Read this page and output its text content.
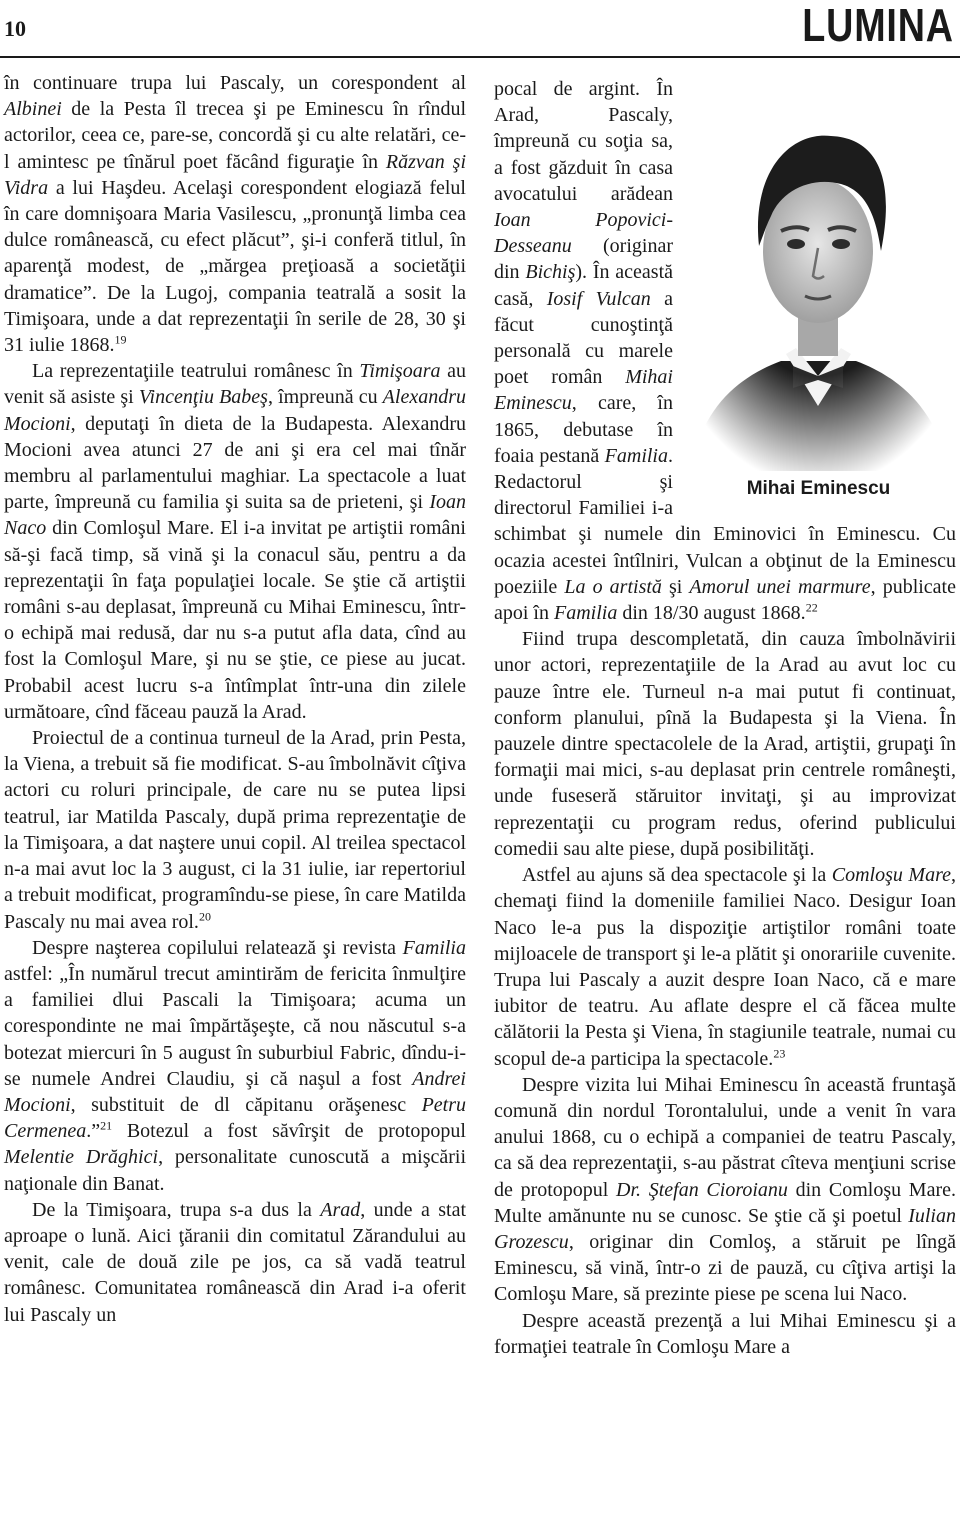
10	LUMINA

în continuare trupa lui Pascaly, un corespondent al Albinei de la Pesta îl trecea şi pe Eminescu în rîndul actorilor, ceea ce, pare-se, concordă şi cu alte relatări, ce-l amintesc pe tînărul poet făcând figuraţie în Răzvan şi Vidra a lui Haşdeu. Acelaşi corespondent elogiază felul în care domnişoara Maria Vasilescu, „pronunţă limba cea dulce românească, cu efect plăcut”, şi-i conferă titlul, în aparenţă modest, de „mărgea preţioasă a societăţii dramatice”. De la Lugoj, compania teatrală a sosit la Timişoara, unde a dat reprezentaţii în serile de 28, 30 şi 31 iulie 1868.19

La reprezentaţiile teatrului românesc în Timişoara au venit să asiste şi Vincenţiu Babeş, împreună cu Alexandru Mocioni, deputaţi în dieta de la Budapesta. Alexandru Mocioni avea atunci 27 de ani şi era cel mai tînăr membru al parlamentului maghiar. La spectacole a luat parte, împreună cu familia şi suita sa de prieteni, şi Ioan Naco din Comloşul Mare. El i-a invitat pe artiştii români să-şi facă timp, să vină şi la conacul său, pentru a da reprezentaţii în faţa populaţiei locale. Se ştie că artiştii români s-au deplasat, împreună cu Mihai Eminescu, într-o echipă mai redusă, dar nu s-a putut afla data, cînd au fost la Comloşul Mare, şi nu se ştie, ce piese au jucat. Probabil acest lucru s-a întîmplat într-una din zilele următoare, cînd făceau pauză la Arad.

Proiectul de a continua turneul de la Arad, prin Pesta, la Viena, a trebuit să fie modificat. S-au îmbolnăvit cîţiva actori cu roluri principale, de care nu se putea lipsi teatrul, iar Matilda Pascaly, după prima reprezentaţie de la Timişoara, a dat naştere unui copil. Al treilea spectacol n-a mai avut loc la 3 august, ci la 31 iulie, iar repertoriul a trebuit modificat, programîndu-se piese, în care Matilda Pascaly nu mai avea rol.$^{20}$

Despre naşterea copilului relatează şi revista Familia astfel: „În numărul trecut amintirăm de fericita înmulţire a familiei dlui Pascali la Timişoara; acuma un corespondinte ne mai împărtăşeşte, că nou născutul s-a botezat miercuri în 5 august în suburbiul Fabric, dîndu-i-se numele Andrei Claudiu, şi că naşul a fost Andrei Mocioni, substituit de dl căpitanu orăşenesc Petru Cermenea.”$^{21}$ Botezul a fost săvîrşit de protopopul Melentie Drăghici, personalitate cunoscută a mişcării naţionale din Banat.

De la Timişoara, trupa s-a dus la Arad, unde a stat aproape o lună. Aici ţăranii din comitatul Zărandului au venit, cale de două zile pe jos, ca să vadă teatrul românesc. Comunitatea românească din Arad i-a oferit lui Pascaly un

Mihai Eminescu

pocal de argint. În Arad, Pascaly, împreună cu soţia sa, a fost găzduit în casa avocatului arădean Ioan Popovici-Desseanu (originar din Bichiş). În această casă, Iosif Vulcan a făcut cunoştinţă personală cu marele poet român Mihai Eminescu, care, în 1865, debutase în foaia pestană Familia. Redactorul şi directorul Familiei i-a schimbat şi numele din Eminovici în Eminescu. Cu ocazia acestei întîlniri, Vulcan a obţinut de la Eminescu poeziile La o artistă şi Amorul unei marmure, publicate apoi în Familia din 18/30 august 1868.22

Fiind trupa descompletată, din cauza îmbolnăvirii unor actori, reprezentaţiile de la Arad au avut loc cu pauze între ele. Turneul n-a mai putut fi continuat, conform planului, pînă la Budapesta şi la Viena. În pauzele dintre spectacolele de la Arad, artiştii, grupaţi în formaţii mai mici, s-au deplasat prin centrele româneşti, unde fuseseră stăruitor invitaţi, şi au improvizat reprezentaţii cu program redus, oferind publicului comedii sau alte piese, după posibilităţi.

Astfel au ajuns să dea spectacole şi la Comloşu Mare, chemaţi fiind la domeniile familiei Naco. Desigur Ioan Naco le-a pus la dispoziţie artiştilor români toate mijloacele de transport şi le-a plătit şi onorariile cuvenite. Trupa lui Pascaly a auzit despre Ioan Naco, că e mare iubitor de teatru. Au aflate despre el că făcea multe călătorii la Pesta şi Viena, în stagiunile teatrale, numai cu scopul de-a participa la spectacole.$^{23}$

Despre vizita lui Mihai Eminescu în această fruntaşă comună din nordul Torontalului, unde a venit în vara anului 1868, cu o echipă a companiei de teatru Pascaly, ca să dea reprezentaţii, s-au păstrat cîteva menţiuni scrise de protopopul Dr. Ştefan Cioroianu din Comloşu Mare. Multe amănunte nu se cunosc. Se ştie că şi poetul Iulian Grozescu, originar din Comloş, a stăruit pe lîngă Eminescu, să vină, într-o zi de pauză, cu cîţiva artişi la Comloşu Mare, să prezinte piese pe scena lui Naco.

Despre această prezenţă a lui Mihai Eminescu şi a formaţiei teatrale în Comloşu Mare a
